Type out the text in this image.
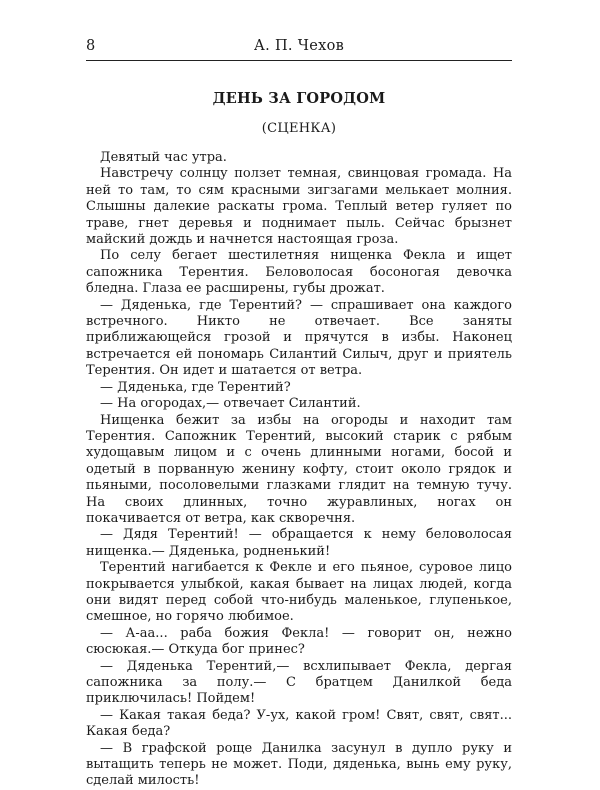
8	А. П. Чехов
ДЕНЬ ЗА ГОРОДОМ
(СЦЕНКА)

Девятый час утра.

Навстречу солнцу ползет темная, свинцовая громада. На ней то там, то сям красными зигзагами мелькает молния. Слышны далекие раскаты грома. Теплый ветер гуляет по траве, гнет деревья и поднимает пыль. Сейчас брызнет майский дождь и начнется настоящая гроза.

По селу бегает шестилетняя нищенка Фекла и ищет сапожника Терентия. Беловолосая босоногая девочка бледна. Глаза ее расширены, губы дрожат.

— Дяденька, где Терентий? — спрашивает она каждого встречного. Никто не отвечает. Все заняты приближающейся грозой и прячутся в избы. Наконец встречается ей пономарь Силантий Силыч, друг и приятель Терентия. Он идет и шатается от ветра.

— Дяденька, где Терентий?

— На огородах,— отвечает Силантий.

Нищенка бежит за избы на огороды и находит там Терентия. Сапожник Терентий, высокий старик с рябым худощавым лицом и с очень длинными ногами, босой и одетый в порванную женину кофту, стоит около грядок и пьяными, посоловелыми глазками глядит на темную тучу. На своих длинных, точно журавлиных, ногах он покачивается от ветра, как скворечня.

— Дядя Терентий! — обращается к нему беловолосая нищенка.— Дяденька, родненький!

Терентий нагибается к Фекле и его пьяное, суровое лицо покрывается улыбкой, какая бывает на лицах людей, когда они видят перед собой что-нибудь маленькое, глупенькое, смешное, но горячо любимое.

— А-аа... раба божия Фекла! — говорит он, нежно сюсюкая.— Откуда бог принес?

— Дяденька Терентий,— всхлипывает Фекла, дергая сапожника за полу.— С братцем Данилкой беда приключилась! Пойдем!

— Какая такая беда? У-ух, какой гром! Свят, свят, свят... Какая беда?

— В графской роще Данилка засунул в дупло руку и вытащить теперь не может. Поди, дяденька, вынь ему руку, сделай милость!
